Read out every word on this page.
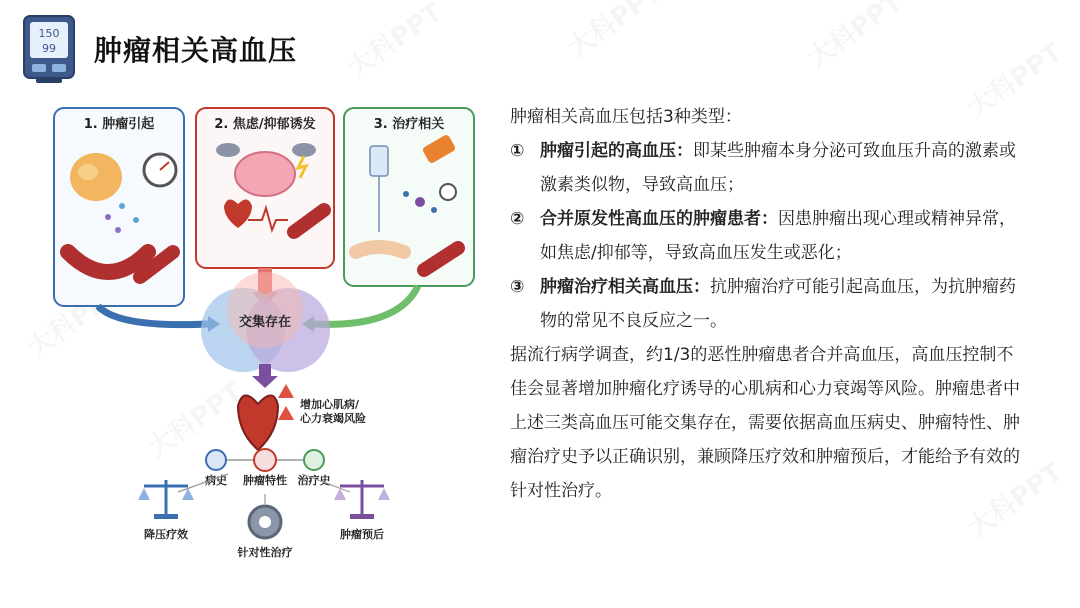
150
99 肿瘤相关高血压
1. 肿瘤引起	2. 焦虑/抑郁诱发	3. 治疗相关
交集存在
增加心肌病/
心力衰竭风险
病史 肿瘤特性 治疗史
降压疗效
针对性治疗
肿瘤预后

肿瘤相关高血压包括3种类型：

① 肿瘤引起的高血压：即某些肿瘤本身分泌可致血压升高的激素或激素类似物，导致高血压；
② 合并原发性高血压的肿瘤患者：因患肿瘤出现心理或精神异常，如焦虑/抑郁等，导致高血压发生或恶化；
③ 肿瘤治疗相关高血压：抗肿瘤治疗可能引起高血压，为抗肿瘤药物的常见不良反应之一。

据流行病学调查，约1/3的恶性肿瘤患者合并高血压，高血压控制不佳会显著增加肿瘤化疗诱导的心肌病和心力衰竭等风险。肿瘤患者中上述三类高血压可能交集存在，需要依据高血压病史、肿瘤特性、肿瘤治疗史予以正确识别，兼顾降压疗效和肿瘤预后，才能给予有效的针对性治疗。
